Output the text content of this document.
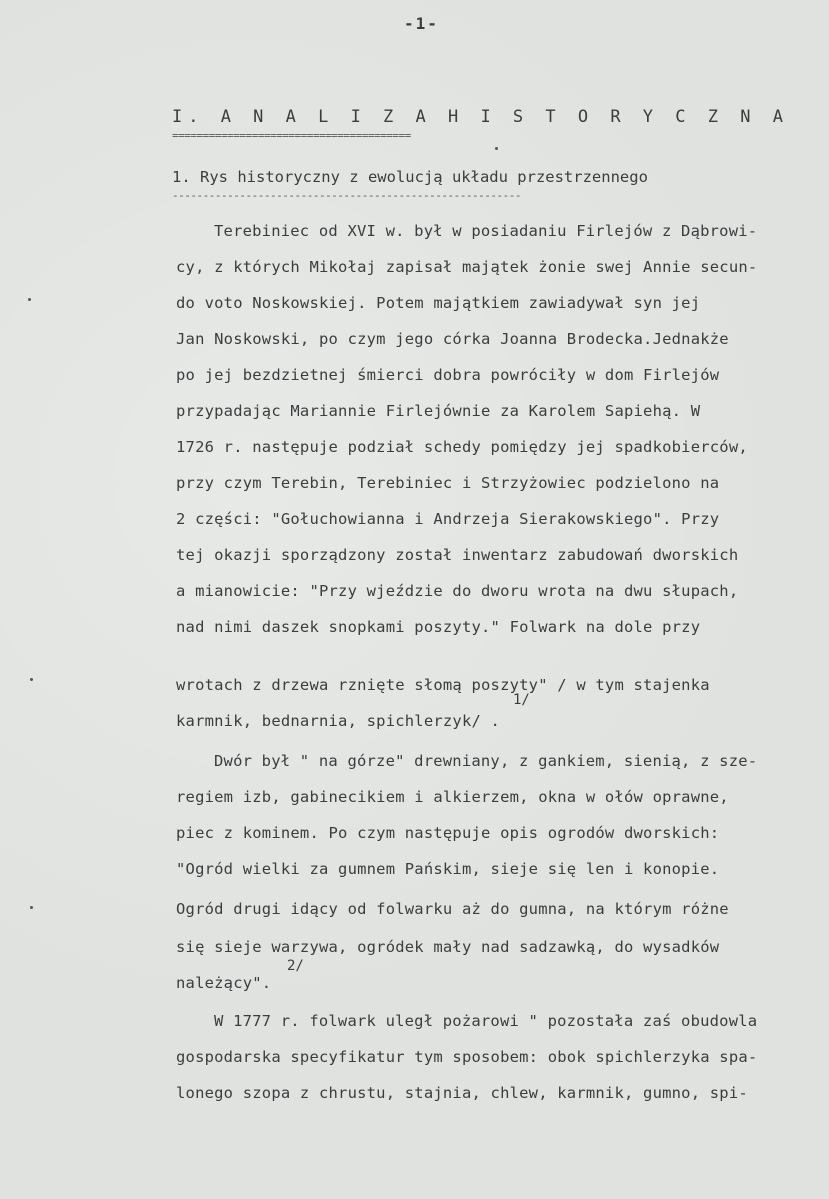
-1-
I. A N A L I Z A H I S T O R Y C Z N A
=======================================
1. Rys historyczny z ewolucją układu przestrzennego
---------------------------------------------------------
Terebiniec od XVI w. był w posiadaniu Firlejów z Dąbrowi-
cy, z których Mikołaj zapisał majątek żonie swej Annie secun-
do voto Noskowskiej. Potem majątkiem zawiadywał syn jej
Jan Noskowski, po czym jego córka Joanna Brodecka.Jednakże
po jej bezdzietnej śmierci dobra powróciły w dom Firlejów
przypadając Mariannie Firlejównie za Karolem Sapiehą. W
1726 r. następuje podział schedy pomiędzy jej spadkobierców,
przy czym Terebin, Terebiniec i Strzyżowiec podzielono na
2 części: "Gołuchowianna i Andrzeja Sierakowskiego". Przy
tej okazji sporządzony został inwentarz zabudowań dworskich
a mianowicie: "Przy wjeździe do dworu wrota na dwu słupach,
nad nimi daszek snopkami poszyty." Folwark na dole przy
wrotach z drzewa rznięte słomą poszyty" / w tym stajenka
1/
karmnik, bednarnia, spichlerzyk/ .
Dwór był " na górze" drewniany, z gankiem, sienią, z sze-
regiem izb, gabinecikiem i alkierzem, okna w ołów oprawne,
piec z kominem. Po czym następuje opis ogrodów dworskich:
"Ogród wielki za gumnem Pańskim, sieje się len i konopie.
Ogród drugi idący od folwarku aż do gumna, na którym różne
się sieje warzywa, ogródek mały nad sadzawką, do wysadków
2/
należący".
W 1777 r. folwark uległ pożarowi " pozostała zaś obudowla
gospodarska specyfikatur tym sposobem: obok spichlerzyka spa-
lonego szopa z chrustu, stajnia, chlew, karmnik, gumno, spi-
